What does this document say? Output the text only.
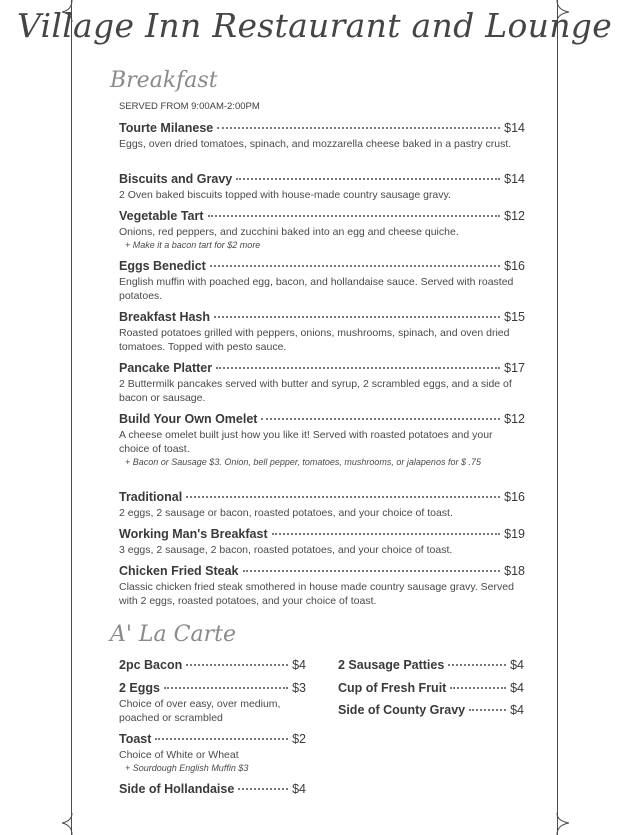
Village Inn Restaurant and Lounge
Breakfast
SERVED FROM 9:00AM-2:00PM
Tourte Milanese	$14
Eggs, oven dried tomatoes, spinach, and mozzarella cheese baked in a pastry crust.
Biscuits and Gravy	$14
2 Oven baked biscuits topped with house-made country sausage gravy.
Vegetable Tart	$12
Onions, red peppers, and zucchini baked into an egg and cheese quiche.
+ Make it a bacon tart for $2 more
Eggs Benedict	$16
English muffin with poached egg, bacon, and hollandaise sauce. Served with roasted potatoes.
Breakfast Hash	$15
Roasted potatoes grilled with peppers, onions, mushrooms, spinach, and oven dried tomatoes. Topped with pesto sauce.
Pancake Platter	$17
2 Buttermilk pancakes served with butter and syrup, 2 scrambled eggs, and a side of bacon or sausage.
Build Your Own Omelet	$12
A cheese omelet built just how you like it! Served with roasted potatoes and your choice of toast.
+ Bacon or Sausage $3. Onion, bell pepper, tomatoes, mushrooms, or jalapenos for $ .75
Traditional	$16
2 eggs, 2 sausage or bacon, roasted potatoes, and your choice of toast.
Working Man's Breakfast	$19
3 eggs, 2 sausage, 2 bacon, roasted potatoes, and your choice of toast.
Chicken Fried Steak	$18
Classic chicken fried steak smothered in house made country sausage gravy. Served with 2 eggs, roasted potatoes, and your choice of toast.
A' La Carte
2pc Bacon	$4
2 Eggs	$3
Choice of over easy, over medium, poached or scrambled
Toast	$2
Choice of White or Wheat
+ Sourdough English Muffin $3
Side of Hollandaise	$4
2 Sausage Patties	$4
Cup of Fresh Fruit	$4
Side of County Gravy	$4
